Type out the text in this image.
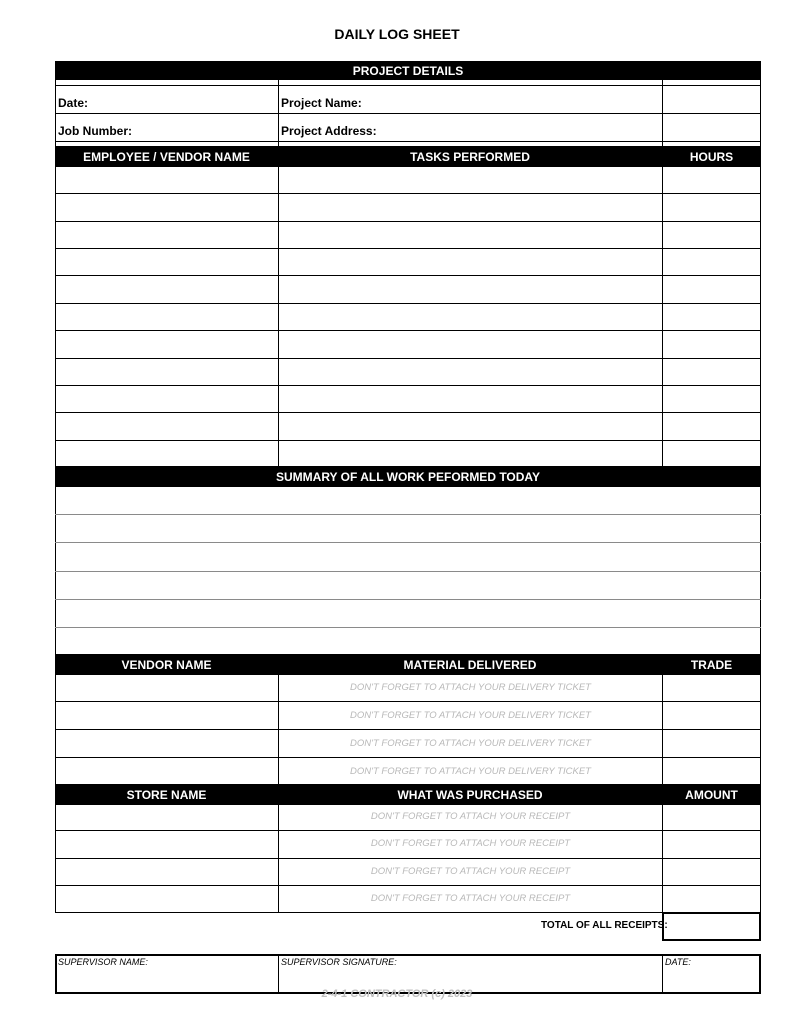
DAILY LOG SHEET
PROJECT DETAILS
Date:	Project Name:
Job Number:	Project Address:
EMPLOYEE / VENDOR NAME	TASKS PERFORMED	HOURS
SUMMARY OF ALL WORK PEFORMED TODAY
VENDOR NAME	MATERIAL DELIVERED	TRADE
DON'T FORGET TO ATTACH YOUR DELIVERY TICKET
DON'T FORGET TO ATTACH YOUR DELIVERY TICKET
DON'T FORGET TO ATTACH YOUR DELIVERY TICKET
DON'T FORGET TO ATTACH YOUR DELIVERY TICKET
STORE NAME	WHAT WAS PURCHASED	AMOUNT
DON'T FORGET TO ATTACH YOUR RECEIPT
DON'T FORGET TO ATTACH YOUR RECEIPT
DON'T FORGET TO ATTACH YOUR RECEIPT
DON'T FORGET TO ATTACH YOUR RECEIPT
TOTAL OF ALL RECEIPTS:
SUPERVISOR NAME:	SUPERVISOR SIGNATURE:	DATE:
2-4-1 CONTRACTOR (c) 2023
